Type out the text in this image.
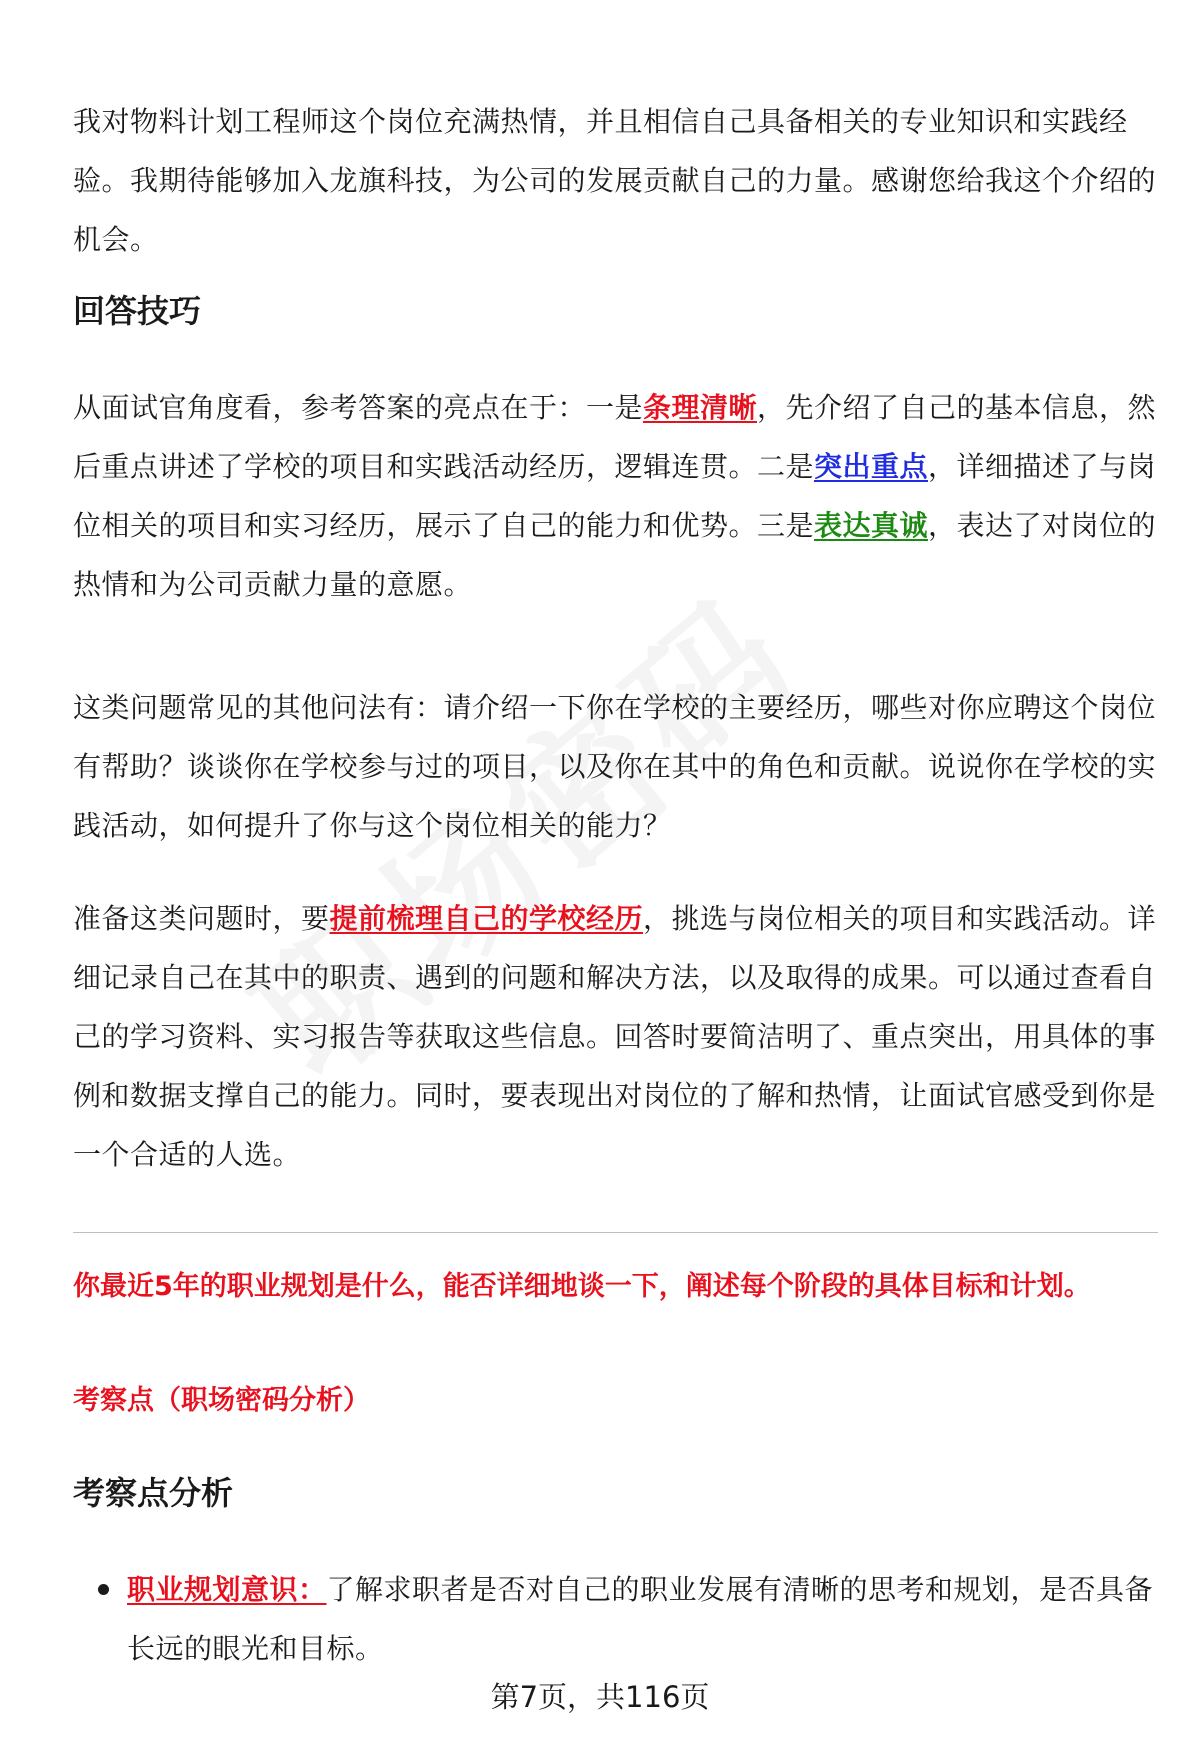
我对物料计划工程师这个岗位充满热情，并且相信自己具备相关的专业知识和实践经验。我期待能够加入龙旗科技，为公司的发展贡献自己的力量。感谢您给我这个介绍的机会。

回答技巧

从面试官角度看，参考答案的亮点在于：一是条理清晰，先介绍了自己的基本信息，然后重点讲述了学校的项目和实践活动经历，逻辑连贯。二是突出重点，详细描述了与岗位相关的项目和实习经历，展示了自己的能力和优势。三是表达真诚，表达了对岗位的热情和为公司贡献力量的意愿。

这类问题常见的其他问法有：请介绍一下你在学校的主要经历，哪些对你应聘这个岗位有帮助？谈谈你在学校参与过的项目，以及你在其中的角色和贡献。说说你在学校的实践活动，如何提升了你与这个岗位相关的能力？

准备这类问题时，要提前梳理自己的学校经历，挑选与岗位相关的项目和实践活动。详细记录自己在其中的职责、遇到的问题和解决方法，以及取得的成果。可以通过查看自己的学习资料、实习报告等获取这些信息。回答时要简洁明了、重点突出，用具体的事例和数据支撑自己的能力。同时，要表现出对岗位的了解和热情，让面试官感受到你是一个合适的人选。

你最近5年的职业规划是什么，能否详细地谈一下，阐述每个阶段的具体目标和计划。

考察点（职场密码分析）

考察点分析
职业规划意识：了解求职者是否对自己的职业发展有清晰的思考和规划，是否具备长远的眼光和目标。
第7页，共116页
